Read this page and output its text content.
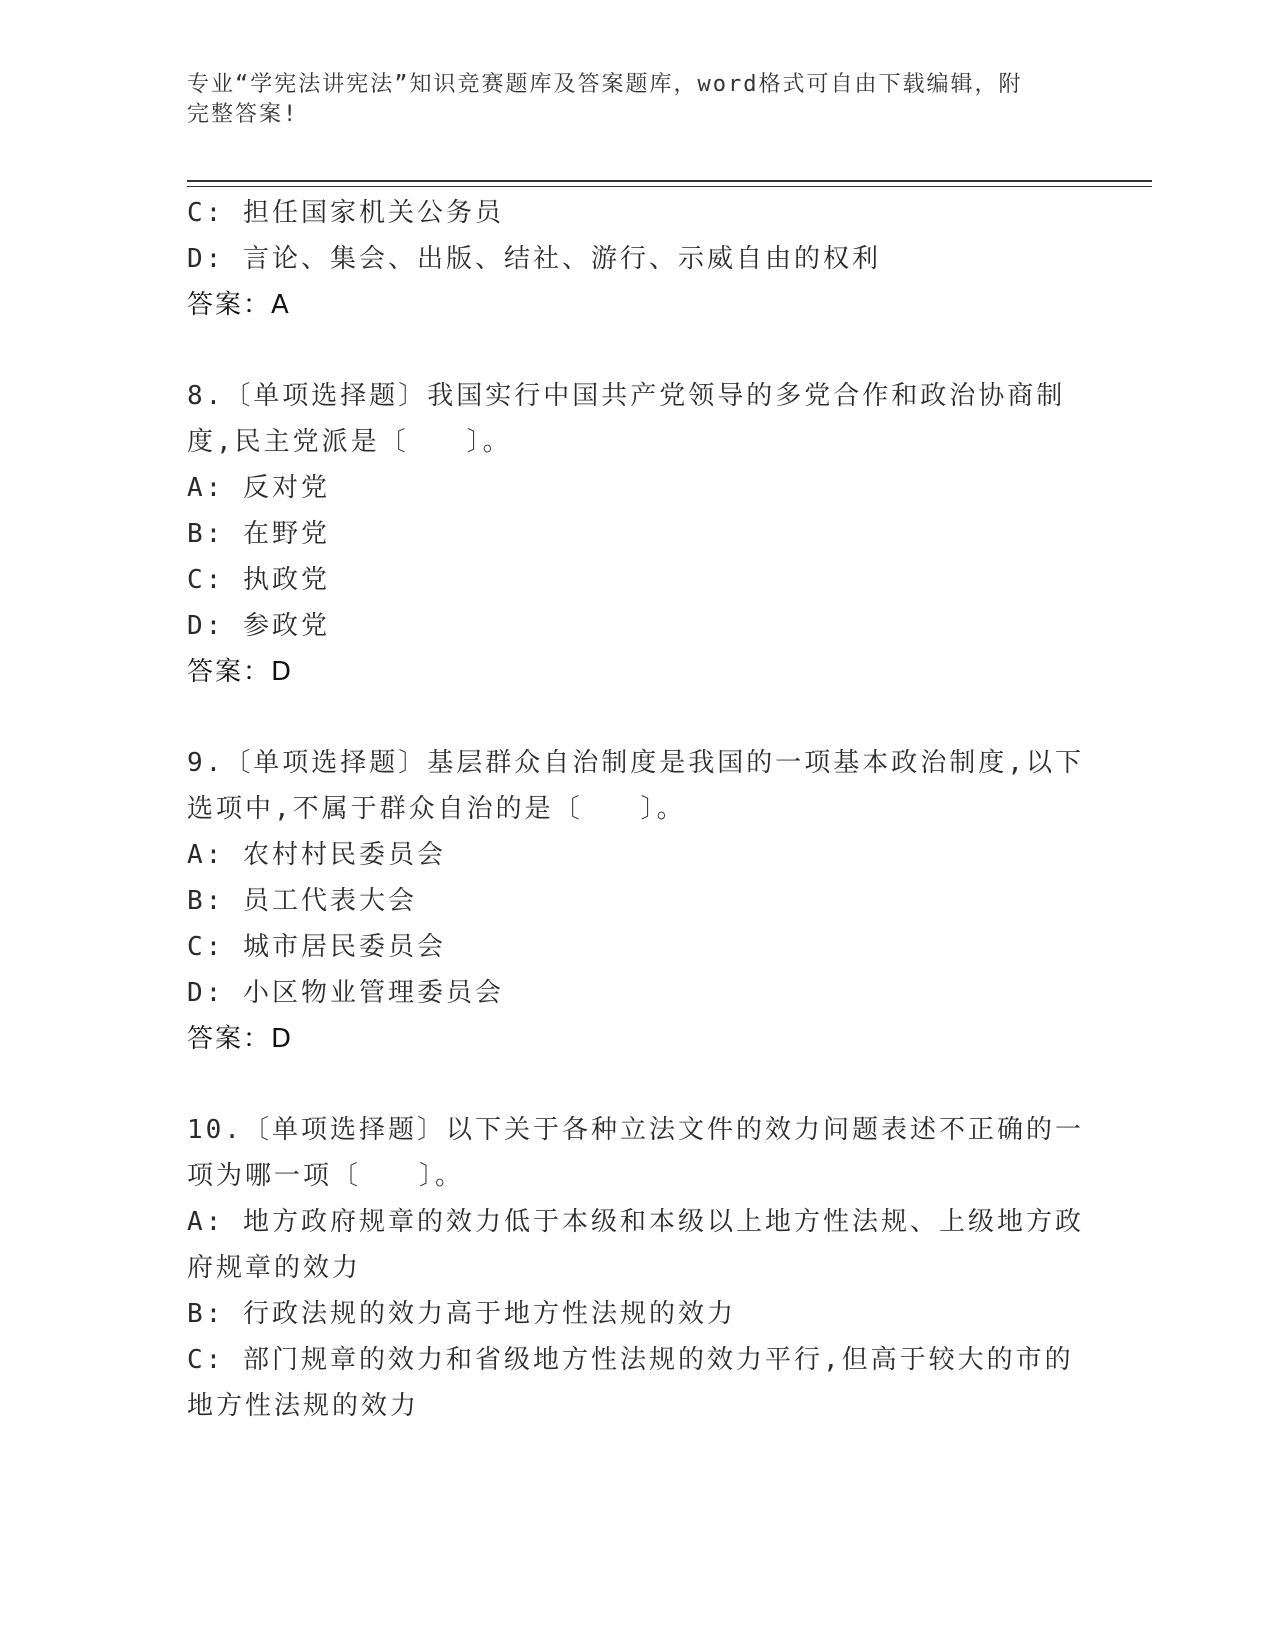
专业“学宪法讲宪法”知识竞赛题库及答案题库，word格式可自由下载编辑，附
完整答案!
C: 担任国家机关公务员
D: 言论、集会、出版、结社、游行、示威自由的权利
答案：A
8.〔单项选择题〕我国实行中国共产党领导的多党合作和政治协商制
度,民主党派是〔　　〕。
A: 反对党
B: 在野党
C: 执政党
D: 参政党
答案：D
9.〔单项选择题〕基层群众自治制度是我国的一项基本政治制度,以下
选项中,不属于群众自治的是〔　　〕。
A: 农村村民委员会
B: 员工代表大会
C: 城市居民委员会
D: 小区物业管理委员会
答案：D
10.〔单项选择题〕以下关于各种立法文件的效力问题表述不正确的一
项为哪一项〔　　〕。
A: 地方政府规章的效力低于本级和本级以上地方性法规、上级地方政
府规章的效力
B: 行政法规的效力高于地方性法规的效力
C: 部门规章的效力和省级地方性法规的效力平行,但高于较大的市的
地方性法规的效力
